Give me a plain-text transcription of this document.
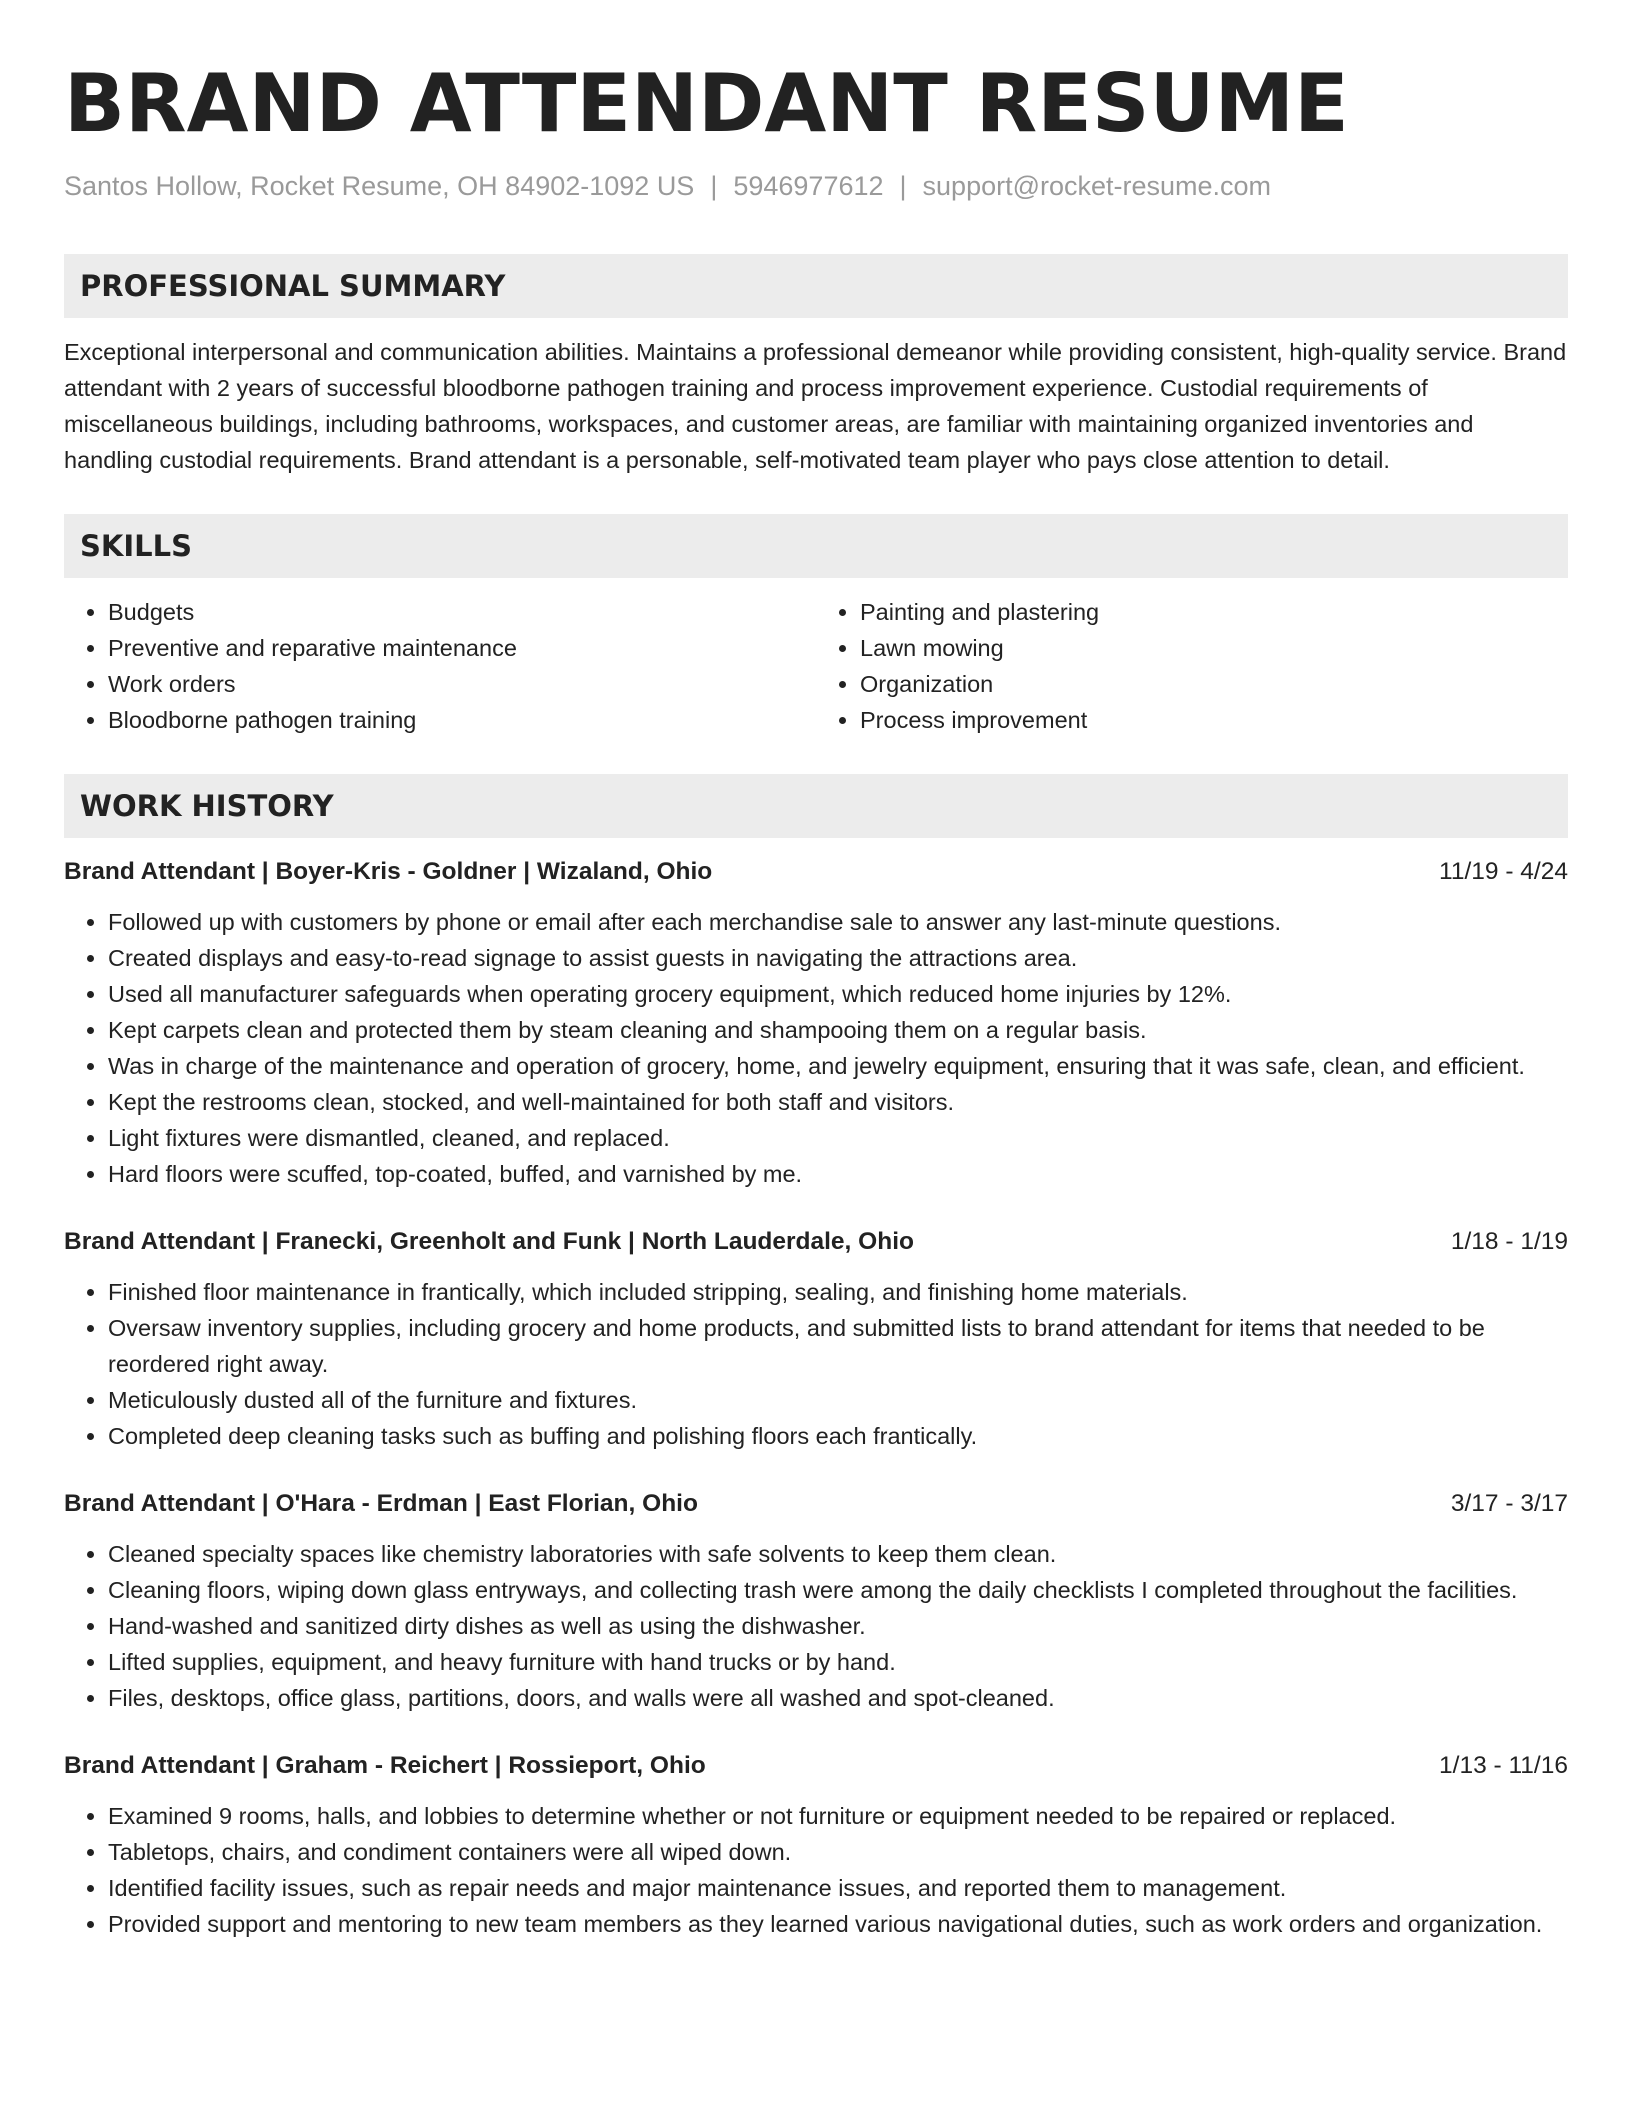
BRAND ATTENDANT RESUME
Santos Hollow, Rocket Resume, OH 84902-1092 US | 5946977612 | support@rocket-resume.com
PROFESSIONAL SUMMARY
Exceptional interpersonal and communication abilities. Maintains a professional demeanor while providing consistent, high-quality service. Brand attendant with 2 years of successful bloodborne pathogen training and process improvement experience. Custodial requirements of miscellaneous buildings, including bathrooms, workspaces, and customer areas, are familiar with maintaining organized inventories and handling custodial requirements. Brand attendant is a personable, self-motivated team player who pays close attention to detail.
SKILLS
• Budgets
• Preventive and reparative maintenance
• Work orders
• Bloodborne pathogen training
• Painting and plastering
• Lawn mowing
• Organization
• Process improvement
WORK HISTORY
Brand Attendant | Boyer-Kris - Goldner | Wizaland, Ohio	11/19 - 4/24
• Followed up with customers by phone or email after each merchandise sale to answer any last-minute questions.
• Created displays and easy-to-read signage to assist guests in navigating the attractions area.
• Used all manufacturer safeguards when operating grocery equipment, which reduced home injuries by 12%.
• Kept carpets clean and protected them by steam cleaning and shampooing them on a regular basis.
• Was in charge of the maintenance and operation of grocery, home, and jewelry equipment, ensuring that it was safe, clean, and efficient.
• Kept the restrooms clean, stocked, and well-maintained for both staff and visitors.
• Light fixtures were dismantled, cleaned, and replaced.
• Hard floors were scuffed, top-coated, buffed, and varnished by me.
Brand Attendant | Franecki, Greenholt and Funk | North Lauderdale, Ohio	1/18 - 1/19
• Finished floor maintenance in frantically, which included stripping, sealing, and finishing home materials.
• Oversaw inventory supplies, including grocery and home products, and submitted lists to brand attendant for items that needed to be reordered right away.
• Meticulously dusted all of the furniture and fixtures.
• Completed deep cleaning tasks such as buffing and polishing floors each frantically.
Brand Attendant | O'Hara - Erdman | East Florian, Ohio	3/17 - 3/17
• Cleaned specialty spaces like chemistry laboratories with safe solvents to keep them clean.
• Cleaning floors, wiping down glass entryways, and collecting trash were among the daily checklists I completed throughout the facilities.
• Hand-washed and sanitized dirty dishes as well as using the dishwasher.
• Lifted supplies, equipment, and heavy furniture with hand trucks or by hand.
• Files, desktops, office glass, partitions, doors, and walls were all washed and spot-cleaned.
Brand Attendant | Graham - Reichert | Rossieport, Ohio	1/13 - 11/16
• Examined 9 rooms, halls, and lobbies to determine whether or not furniture or equipment needed to be repaired or replaced.
• Tabletops, chairs, and condiment containers were all wiped down.
• Identified facility issues, such as repair needs and major maintenance issues, and reported them to management.
• Provided support and mentoring to new team members as they learned various navigational duties, such as work orders and organization.
